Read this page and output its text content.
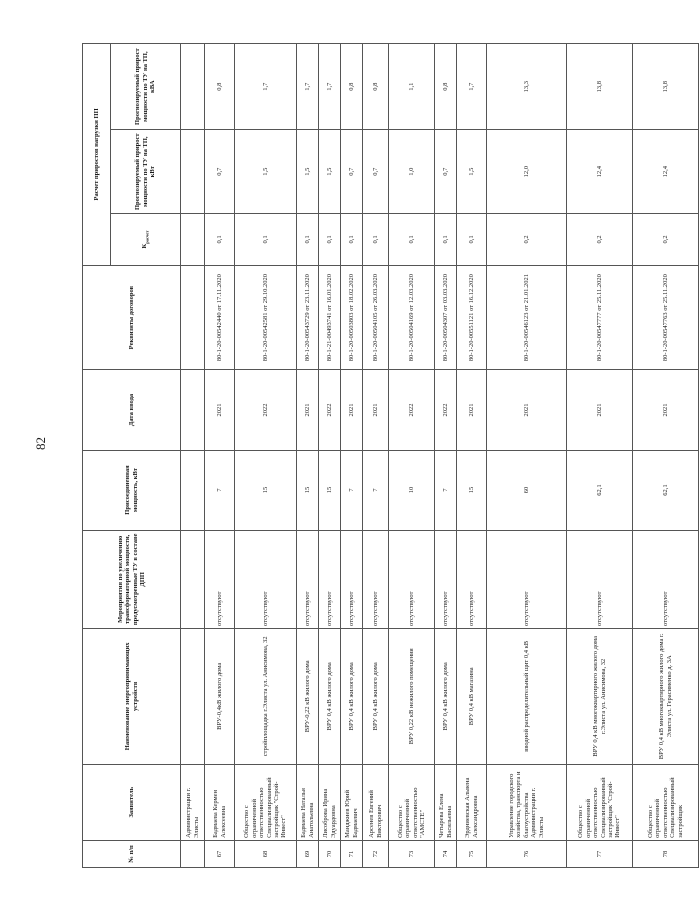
82
№ п/п	Заявитель	Наименование энергопринимающих устройств	Мероприятия по увеличению трансформаторной мощности, предусмотренные ТУ в составе ДПП	Присоединенная мощность, кВт	Дата ввода	Реквизиты договоров	Расчет приростов нагрузки ПП		
							$К_{расчет}$	Прогнозируемый прирост мощности по ТУ на ТП, кВт	Прогнозируемый прирост мощности по ТУ на ТП, кВА
	Администрации г. Элисты								
67	Бадмаева Кермен Алексеевна	ВРУ-0,4кВ жилого дома	отсутствуют	7	2021	80-1-20-00542440 от 17.11.2020	0,1	0,7	0,8
68	Общество с ограниченной ответственностью Специализированный застройщик "Строй-Инвест"	стройплощадка г.Элиста ул. Анисимова, 32	отсутствуют	15	2022	80-1-20-00542581 от 29.10.2020	0,1	1,5	1,7
69	Бадмаева Наталья Анатольевна	ВРУ-0,22 кВ жилого дома	отсутствуют	15	2021	80-1-20-00543729 от 23.11.2020	0,1	1,5	1,7
70	Лисоброва Ирина Эдуардовна	ВРУ 0,4 кВ жилого дома	отсутствуют	15	2022	80-1-21-00493741 от 16.01.2020	0,1	1,5	1,7
71	Манджиев Юрий Бадмаевич	ВРУ 0,4 кВ жилого дома	отсутствуют	7	2021	80-1-20-00503803 от 18.02.2020	0,1	0,7	0,8
72	Арсенев Евгений Викторович	ВРУ 0,4 кВ жилого дома	отсутствуют	7	2021	80-1-20-00504105 от 26.03.2020	0,1	0,7	0,8
73	Общество с ограниченной ответственностью "АМСТЕ"	ВРУ 0,22 кВ нежилого помещения	отсутствуют	10	2022	80-1-20-00504169 от 12.03.2020	0,1	1,0	1,1
74	Четырева Елена Васильевна	ВРУ 0,4 кВ жилого дома	отсутствуют	7	2022	80-1-20-00504307 от 03.03.2020	0,1	0,7	0,8
75	Эрдниевская Альвена Александровна	ВРУ 0,4 кВ магазина	отсутствуют	15	2021	80-1-20-00551121 от 16.12.2020	0,1	1,5	1,7
76	Управление городского хозяйства, транспорта и благоустройства Администрации г. Элисты	вводной распределительный щит 0,4 кВ	отсутствуют	60	2021	80-1-20-00546123 от 21.01.2021	0,2	12,0	13,3
77	Общество с ограниченной ответственностью Специализированный застройщик "Строй-Инвест"	ВРУ 0,4 кВ многоквартирного жилого дома г.Элиста ул. Анисимова, 32	отсутствуют	62,1	2021	80-1-20-00547777 от 25.11.2020	0,2	12,4	13,8
78	Общество с ограниченной ответственностью Специализированный застройщик	ВРУ 0,4 кВ многоквартирного жилого дома г. Элиста ул. Герасименко д. 3А	отсутствуют	62,1	2021	80-1-20-00547763 от 25.11.2020	0,2	12,4	13,8
